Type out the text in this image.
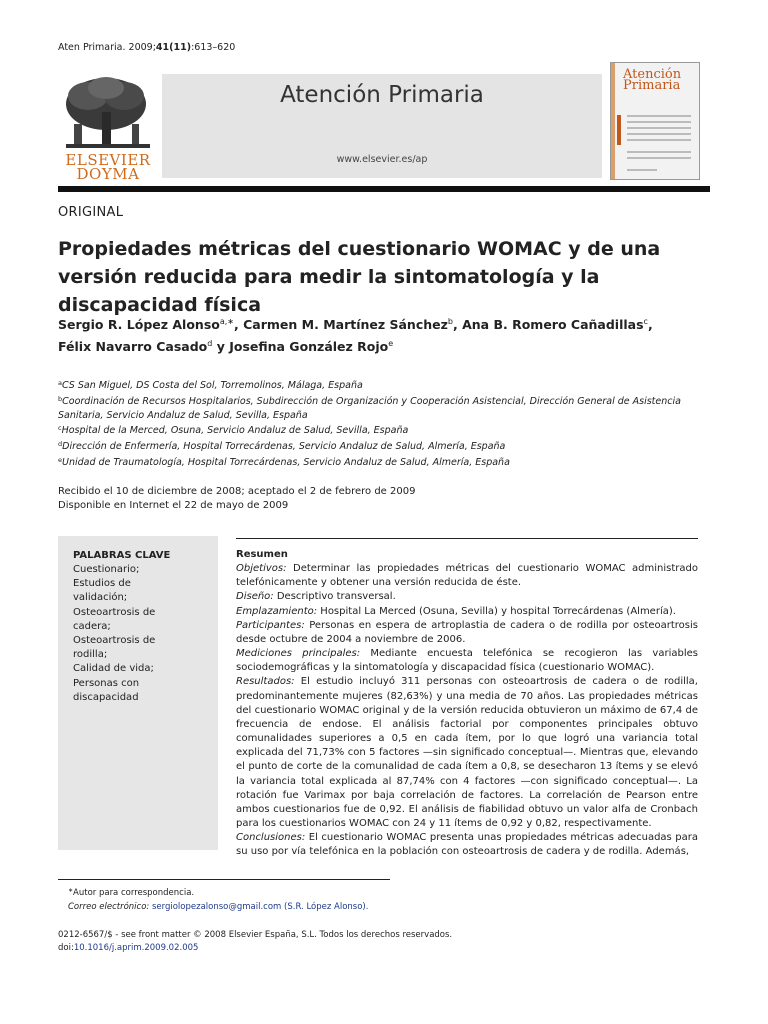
Aten Primaria. 2009;41(11):613–620
ELSEVIER
DOYMA
Atención Primaria
www.elsevier.es/ap
Atención
Primaria
ORIGINAL
Propiedades métricas del cuestionario WOMAC y de una versión reducida para medir la sintomatología y la discapacidad física
Sergio R. López Alonso$^{a,∗}$, Carmen M. Martínez Sánchez$^b$, Ana B. Romero Cañadillas$^c$,
Félix Navarro Casado$^d$ y Josefina González Rojo$^e$
$^a$CS San Miguel, DS Costa del Sol, Torremolinos, Málaga, España
$^b$Coordinación de Recursos Hospitalarios, Subdirección de Organización y Cooperación Asistencial, Dirección General de Asistencia Sanitaria, Servicio Andaluz de Salud, Sevilla, España
$^c$Hospital de la Merced, Osuna, Servicio Andaluz de Salud, Sevilla, España
$^d$Dirección de Enfermería, Hospital Torrecárdenas, Servicio Andaluz de Salud, Almería, España
$^e$Unidad de Traumatología, Hospital Torrecárdenas, Servicio Andaluz de Salud, Almería, España
Recibido el 10 de diciembre de 2008; aceptado el 2 de febrero de 2009
Disponible en Internet el 22 de mayo de 2009
PALABRAS CLAVE
Cuestionario;
Estudios de validación;
Osteoartrosis de cadera;
Osteoartrosis de rodilla;
Calidad de vida;
Personas con discapacidad
Resumen

Objetivos: Determinar las propiedades métricas del cuestionario WOMAC administrado telefónicamente y obtener una versión reducida de éste.

Diseño: Descriptivo transversal.

Emplazamiento: Hospital La Merced (Osuna, Sevilla) y hospital Torrecárdenas (Almería).

Participantes: Personas en espera de artroplastia de cadera o de rodilla por osteoartrosis desde octubre de 2004 a noviembre de 2006.

Mediciones principales: Mediante encuesta telefónica se recogieron las variables sociodemográficas y la sintomatología y discapacidad física (cuestionario WOMAC).

Resultados: El estudio incluyó 311 personas con osteoartrosis de cadera o de rodilla, predominantemente mujeres (82,63%) y una media de 70 años. Las propiedades métricas del cuestionario WOMAC original y de la versión reducida obtuvieron un máximo de 67,4 de frecuencia de endose. El análisis factorial por componentes principales obtuvo comunalidades superiores a 0,5 en cada ítem, por lo que logró una variancia total explicada del 71,73% con 5 factores —sin significado conceptual—. Mientras que, elevando el punto de corte de la comunalidad de cada ítem a 0,8, se desecharon 13 ítems y se elevó la variancia total explicada al 87,74% con 4 factores —con significado conceptual—. La rotación fue Varimax por baja correlación de factores. La correlación de Pearson entre ambos cuestionarios fue de 0,92. El análisis de fiabilidad obtuvo un valor alfa de Cronbach para los cuestionarios WOMAC con 24 y 11 ítems de 0,92 y 0,82, respectivamente.

Conclusiones: El cuestionario WOMAC presenta unas propiedades métricas adecuadas para su uso por vía telefónica en la población con osteoartrosis de cadera y de rodilla. Además,

∗Autor para correspondencia.
Correo electrónico: sergiolopezalonso@gmail.com (S.R. López Alonso).
0212-6567/$ - see front matter © 2008 Elsevier España, S.L. Todos los derechos reservados.
doi:10.1016/j.aprim.2009.02.005
